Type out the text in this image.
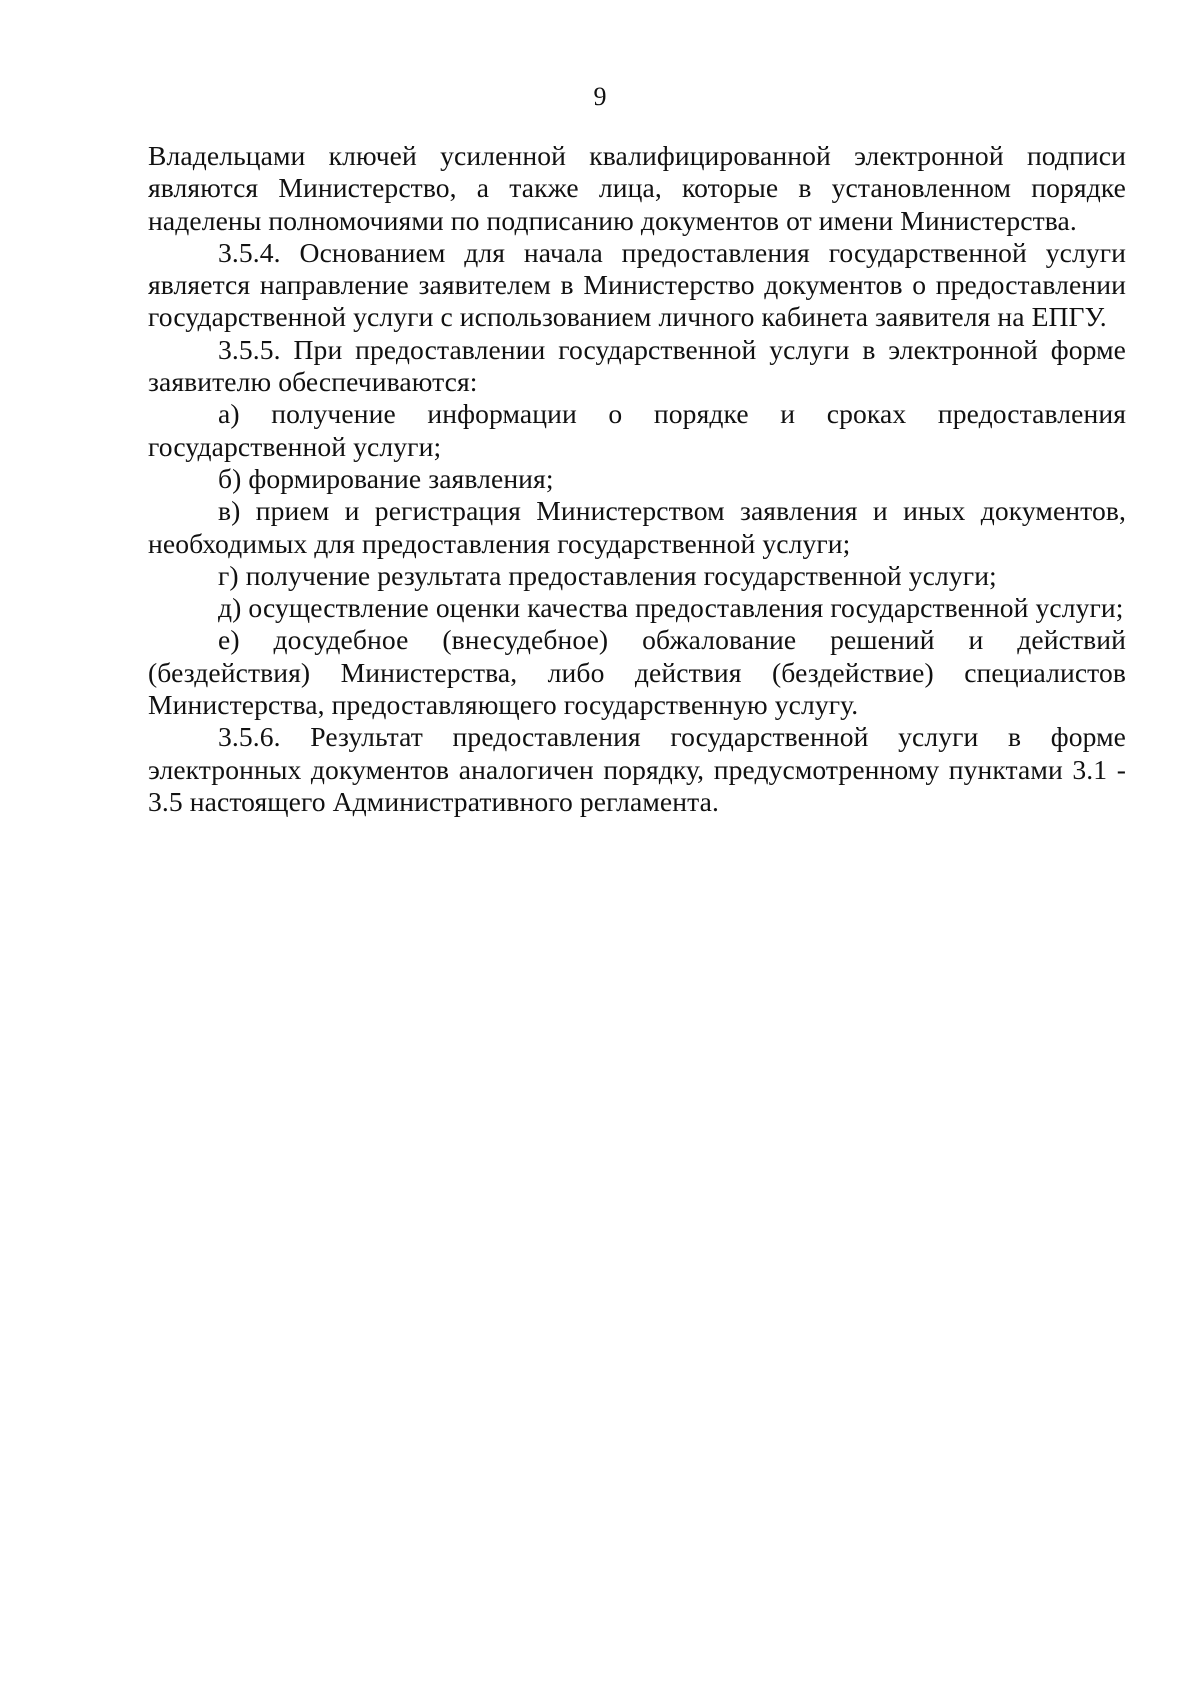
9

Владельцами ключей усиленной квалифицированной электронной подписи являются Министерство, а также лица, которые в установленном порядке наделены полномочиями по подписанию документов от имени Министерства.

3.5.4. Основанием для начала предоставления государственной услуги является направление заявителем в Министерство документов о предоставлении государственной услуги с использованием личного кабинета заявителя на ЕПГУ.

3.5.5. При предоставлении государственной услуги в электронной форме заявителю обеспечиваются:

а) получение информации о порядке и сроках предоставления государственной услуги;

б) формирование заявления;

в) прием и регистрация Министерством заявления и иных документов, необходимых для предоставления государственной услуги;

г) получение результата предоставления государственной услуги;

д) осуществление оценки качества предоставления государственной услуги;

е) досудебное (внесудебное) обжалование решений и действий (бездействия) Министерства, либо действия (бездействие) специалистов Министерства, предоставляющего государственную услугу.

3.5.6. Результат предоставления государственной услуги в форме электронных документов аналогичен порядку, предусмотренному пунктами 3.1 - 3.5 настоящего Административного регламента.
